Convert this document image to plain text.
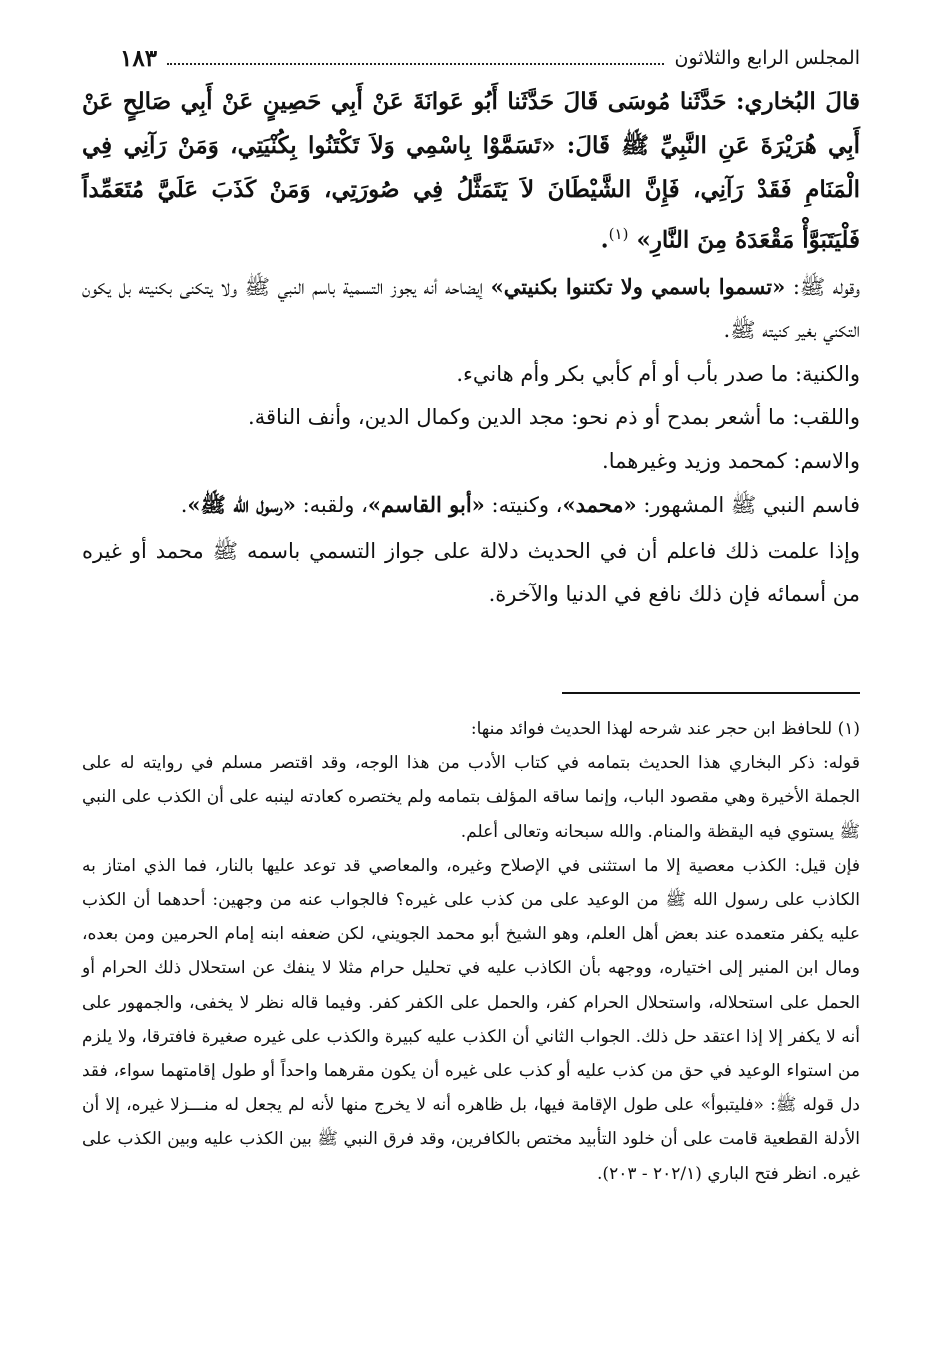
المجلس الرابع والثلاثون
١٨٣

قالَ البُخاري: حَدَّثَنا مُوسَى قَالَ حَدَّثَنا أَبُو عَوانَةَ عَنْ أَبِي حَصِينٍ عَنْ أَبِي صَالِحٍ عَنْ أَبِي هُرَيْرَةَ عَنِ النَّبِيِّ ﷺ قَالَ: «تَسَمَّوْا بِاسْمِي وَلاَ تَكْتَنُوا بِكُنْيَتِي، وَمَنْ رَآنِي فِي الْمَنَامِ فَقَدْ رَآنِي، فَإِنَّ الشَّيْطَانَ لاَ يَتَمَثَّلُ فِي صُورَتِي، وَمَنْ كَذَبَ عَلَيَّ مُتَعَمِّداً فَلْيَتَبَوَّأْ مَقْعَدَهُ مِنَ النَّارِ» $^{(١)}$.

وقوله ﷺ: «تسموا باسمي ولا تكتنوا بكنيتي» إيضاحه أنه يجوز التسمية باسم النبي ﷺ ولا يتكنى بكنيته بل يكون التكني بغير كنيته ﷺ.

والكنية: ما صدر بأب أو أم كأبي بكر وأم هانيء.

واللقب: ما أشعر بمدح أو ذم نحو: مجد الدين وكمال الدين، وأنف الناقة.

والاسم: كمحمد وزيد وغيرهما.

فاسم النبي ﷺ المشهور: «محمد»، وكنيته: «أبو القاسم»، ولقبه: «رسول الله ﷺ».

وإذا علمت ذلك فاعلم أن في الحديث دلالة على جواز التسمي باسمه ﷺ محمد أو غيره من أسمائه فإن ذلك نافع في الدنيا والآخرة.

(١) للحافظ ابن حجر عند شرحه لهذا الحديث فوائد منها:

قوله: ذكر البخاري هذا الحديث بتمامه في كتاب الأدب من هذا الوجه، وقد اقتصر مسلم في روايته له على الجملة الأخيرة وهي مقصود الباب، وإنما ساقه المؤلف بتمامه ولم يختصره كعادته لينبه على أن الكذب على النبي ﷺ يستوي فيه اليقظة والمنام. والله سبحانه وتعالى أعلم.

فإن قيل: الكذب معصية إلا ما استثنى في الإصلاح وغيره، والمعاصي قد توعد عليها بالنار، فما الذي امتاز به الكاذب على رسول الله ﷺ من الوعيد على من كذب على غيره؟ فالجواب عنه من وجهين: أحدهما أن الكذب عليه يكفر متعمده عند بعض أهل العلم، وهو الشيخ أبو محمد الجويني، لكن ضعفه ابنه إمام الحرمين ومن بعده، ومال ابن المنير إلى اختياره، ووجهه بأن الكاذب عليه في تحليل حرام مثلا لا ينفك عن استحلال ذلك الحرام أو الحمل على استحلاله، واستحلال الحرام كفر، والحمل على الكفر كفر. وفيما قاله نظر لا يخفى، والجمهور على أنه لا يكفر إلا إذا اعتقد حل ذلك. الجواب الثاني أن الكذب عليه كبيرة والكذب على غيره صغيرة فافترقا، ولا يلزم من استواء الوعيد في حق من كذب عليه أو كذب على غيره أن يكون مقرهما واحداً أو طول إقامتهما سواء، فقد دل قوله ﷺ: «فليتبوأ» على طول الإقامة فيها، بل ظاهره أنه لا يخرج منها لأنه لم يجعل له منـــزلا غيره، إلا أن الأدلة القطعية قامت على أن خلود التأبيد مختص بالكافرين، وقد فرق النبي ﷺ بين الكذب عليه وبين الكذب على غيره. انظر فتح الباري (٢٠٢/١ - ٢٠٣).
